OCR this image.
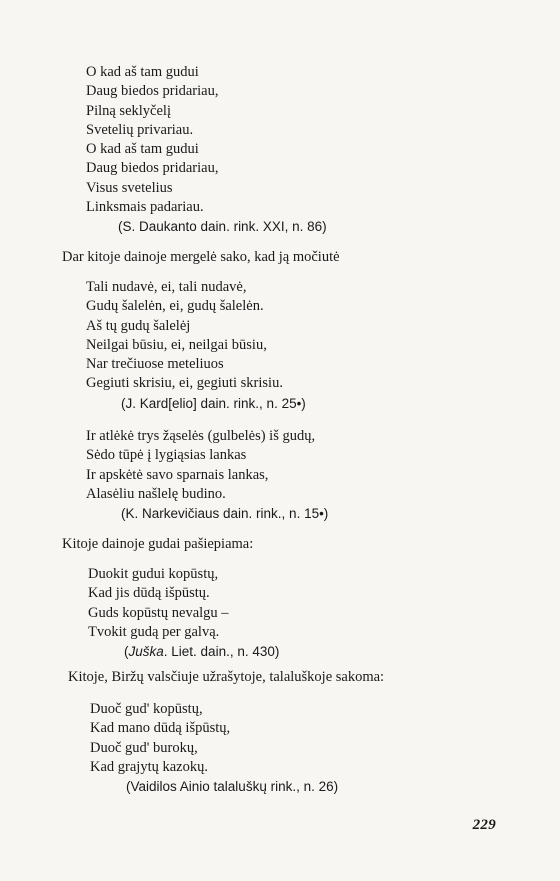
O kad aš tam gudui
Daug biedos pridariau,
Pilną seklyčelį
Svetelių privariau.
O kad aš tam gudui
Daug biedos pridariau,
Visus svetelius
Linksmais padariau.
(S. Daukanto dain. rink. XXI, n. 86)

Dar kitoje dainoje mergelė sako, kad ją močiutė

Tali nudavė, ei, tali nudavė,
Gudų šalelėn, ei, gudų šalelėn.
Aš tų gudų šalelėj
Neilgai būsiu, ei, neilgai būsiu,
Nar trečiuose meteliuos
Gegiuti skrisiu, ei, gegiuti skrisiu.
(J. Kard[elio] dain. rink., n. 25•)
Ir atlėkė trys žąselės (gulbelės) iš gudų,
Sėdo tūpė į lygiąsias lankas
Ir apskėtė savo sparnais lankas,
Alasėliu našlelę budino.
(K. Narkevičiaus dain. rink., n. 15•)

Kitoje dainoje gudai pašiepiama:

Duokit gudui kopūstų,
Kad jis dūdą išpūstų.
Guds kopūstų nevalgu –
Tvokit gudą per galvą.
(Juška. Liet. dain., n. 430)

Kitoje, Biržų valsčiuje užrašytoje, talaluškoje sakoma:

Duoč gud' kopūstų,
Kad mano dūdą išpūstų,
Duoč gud' burokų,
Kad grajytų kazokų.
(Vaidilos Ainio talaluškų rink., n. 26)
229
